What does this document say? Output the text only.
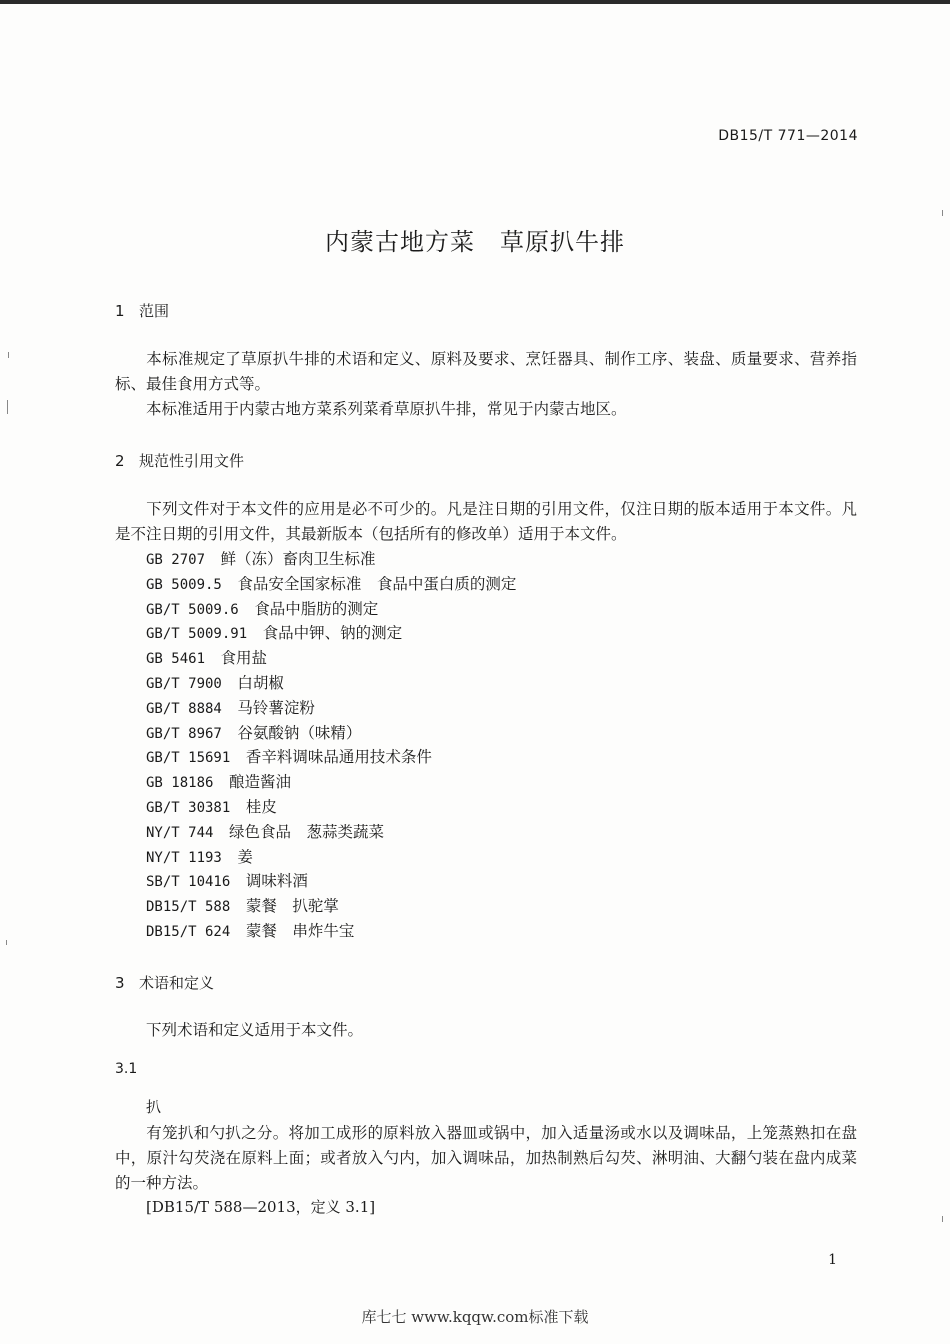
DB15/T 771—2014
内蒙古地方菜　草原扒牛排
1 范围
本标准规定了草原扒牛排的术语和定义、原料及要求、烹饪器具、制作工序、装盘、质量要求、营养指标、最佳食用方式等。
本标准适用于内蒙古地方菜系列菜肴草原扒牛排，常见于内蒙古地区。
2 规范性引用文件
下列文件对于本文件的应用是必不可少的。凡是注日期的引用文件，仅注日期的版本适用于本文件。凡是不注日期的引用文件，其最新版本（包括所有的修改单）适用于本文件。
GB 2707　 鲜（冻）畜肉卫生标准
GB 5009.5　 食品安全国家标准　食品中蛋白质的测定
GB/T 5009.6　 食品中脂肪的测定
GB/T 5009.91　 食品中钾、钠的测定
GB 5461　 食用盐
GB/T 7900　 白胡椒
GB/T 8884　 马铃薯淀粉
GB/T 8967　 谷氨酸钠（味精）
GB/T 15691　 香辛料调味品通用技术条件
GB 18186　 酿造酱油
GB/T 30381　 桂皮
NY/T 744　 绿色食品　葱蒜类蔬菜
NY/T 1193　 姜
SB/T 10416　 调味料酒
DB15/T 588　 蒙餐　扒驼掌
DB15/T 624　 蒙餐　串炸牛宝
3 术语和定义
下列术语和定义适用于本文件。
3.1
扒
有笼扒和勺扒之分。将加工成形的原料放入器皿或锅中，加入适量汤或水以及调味品，上笼蒸熟扣在盘中，原汁勾芡浇在原料上面；或者放入勺内，加入调味品，加热制熟后勾芡、淋明油、大翻勺装在盘内成菜的一种方法。
[DB15/T 588—2013，定义 3.1]
1
库七七 www.kqqw.com标准下载
